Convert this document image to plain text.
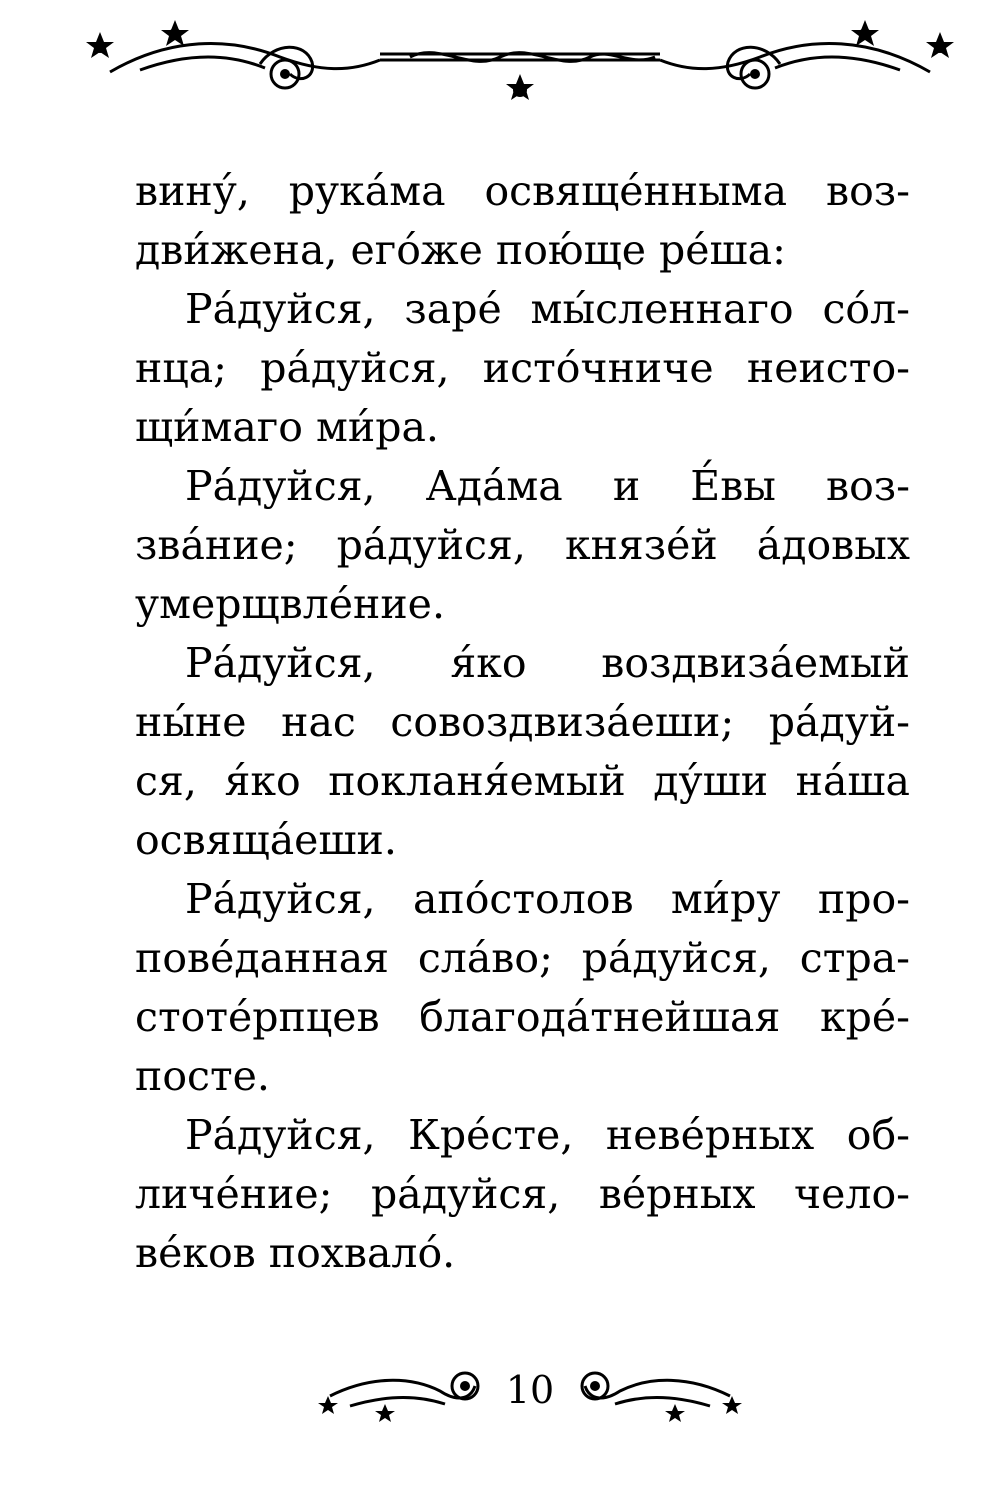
вину́, рука́ма освяще́нныма воз-
дви́жена, его́же пою́ще ре́ша:

Ра́дуйся, заре́ мы́сленнаго со́л-
нца; ра́дуйся, исто́чниче неисто-
щи́маго ми́ра.

Ра́дуйся, Ада́ма и Е́вы воз-
зва́ние; ра́дуйся, князе́й а́довых
умерщвле́ние.

Ра́дуйся, я́ко воздвиза́емый
ны́не нас совоздвиза́еши; ра́дуй-
ся, я́ко покланя́емый ду́ши на́ша
освяща́еши.

Ра́дуйся, апо́столов ми́ру про-
пове́данная сла́во; ра́дуйся, стра-
стоте́рпцев благода́тнейшая кре́-
посте.

Ра́дуйся, Кре́сте, неве́рных об-
личе́ние; ра́дуйся, ве́рных чело-
ве́ков похвало́.

10
